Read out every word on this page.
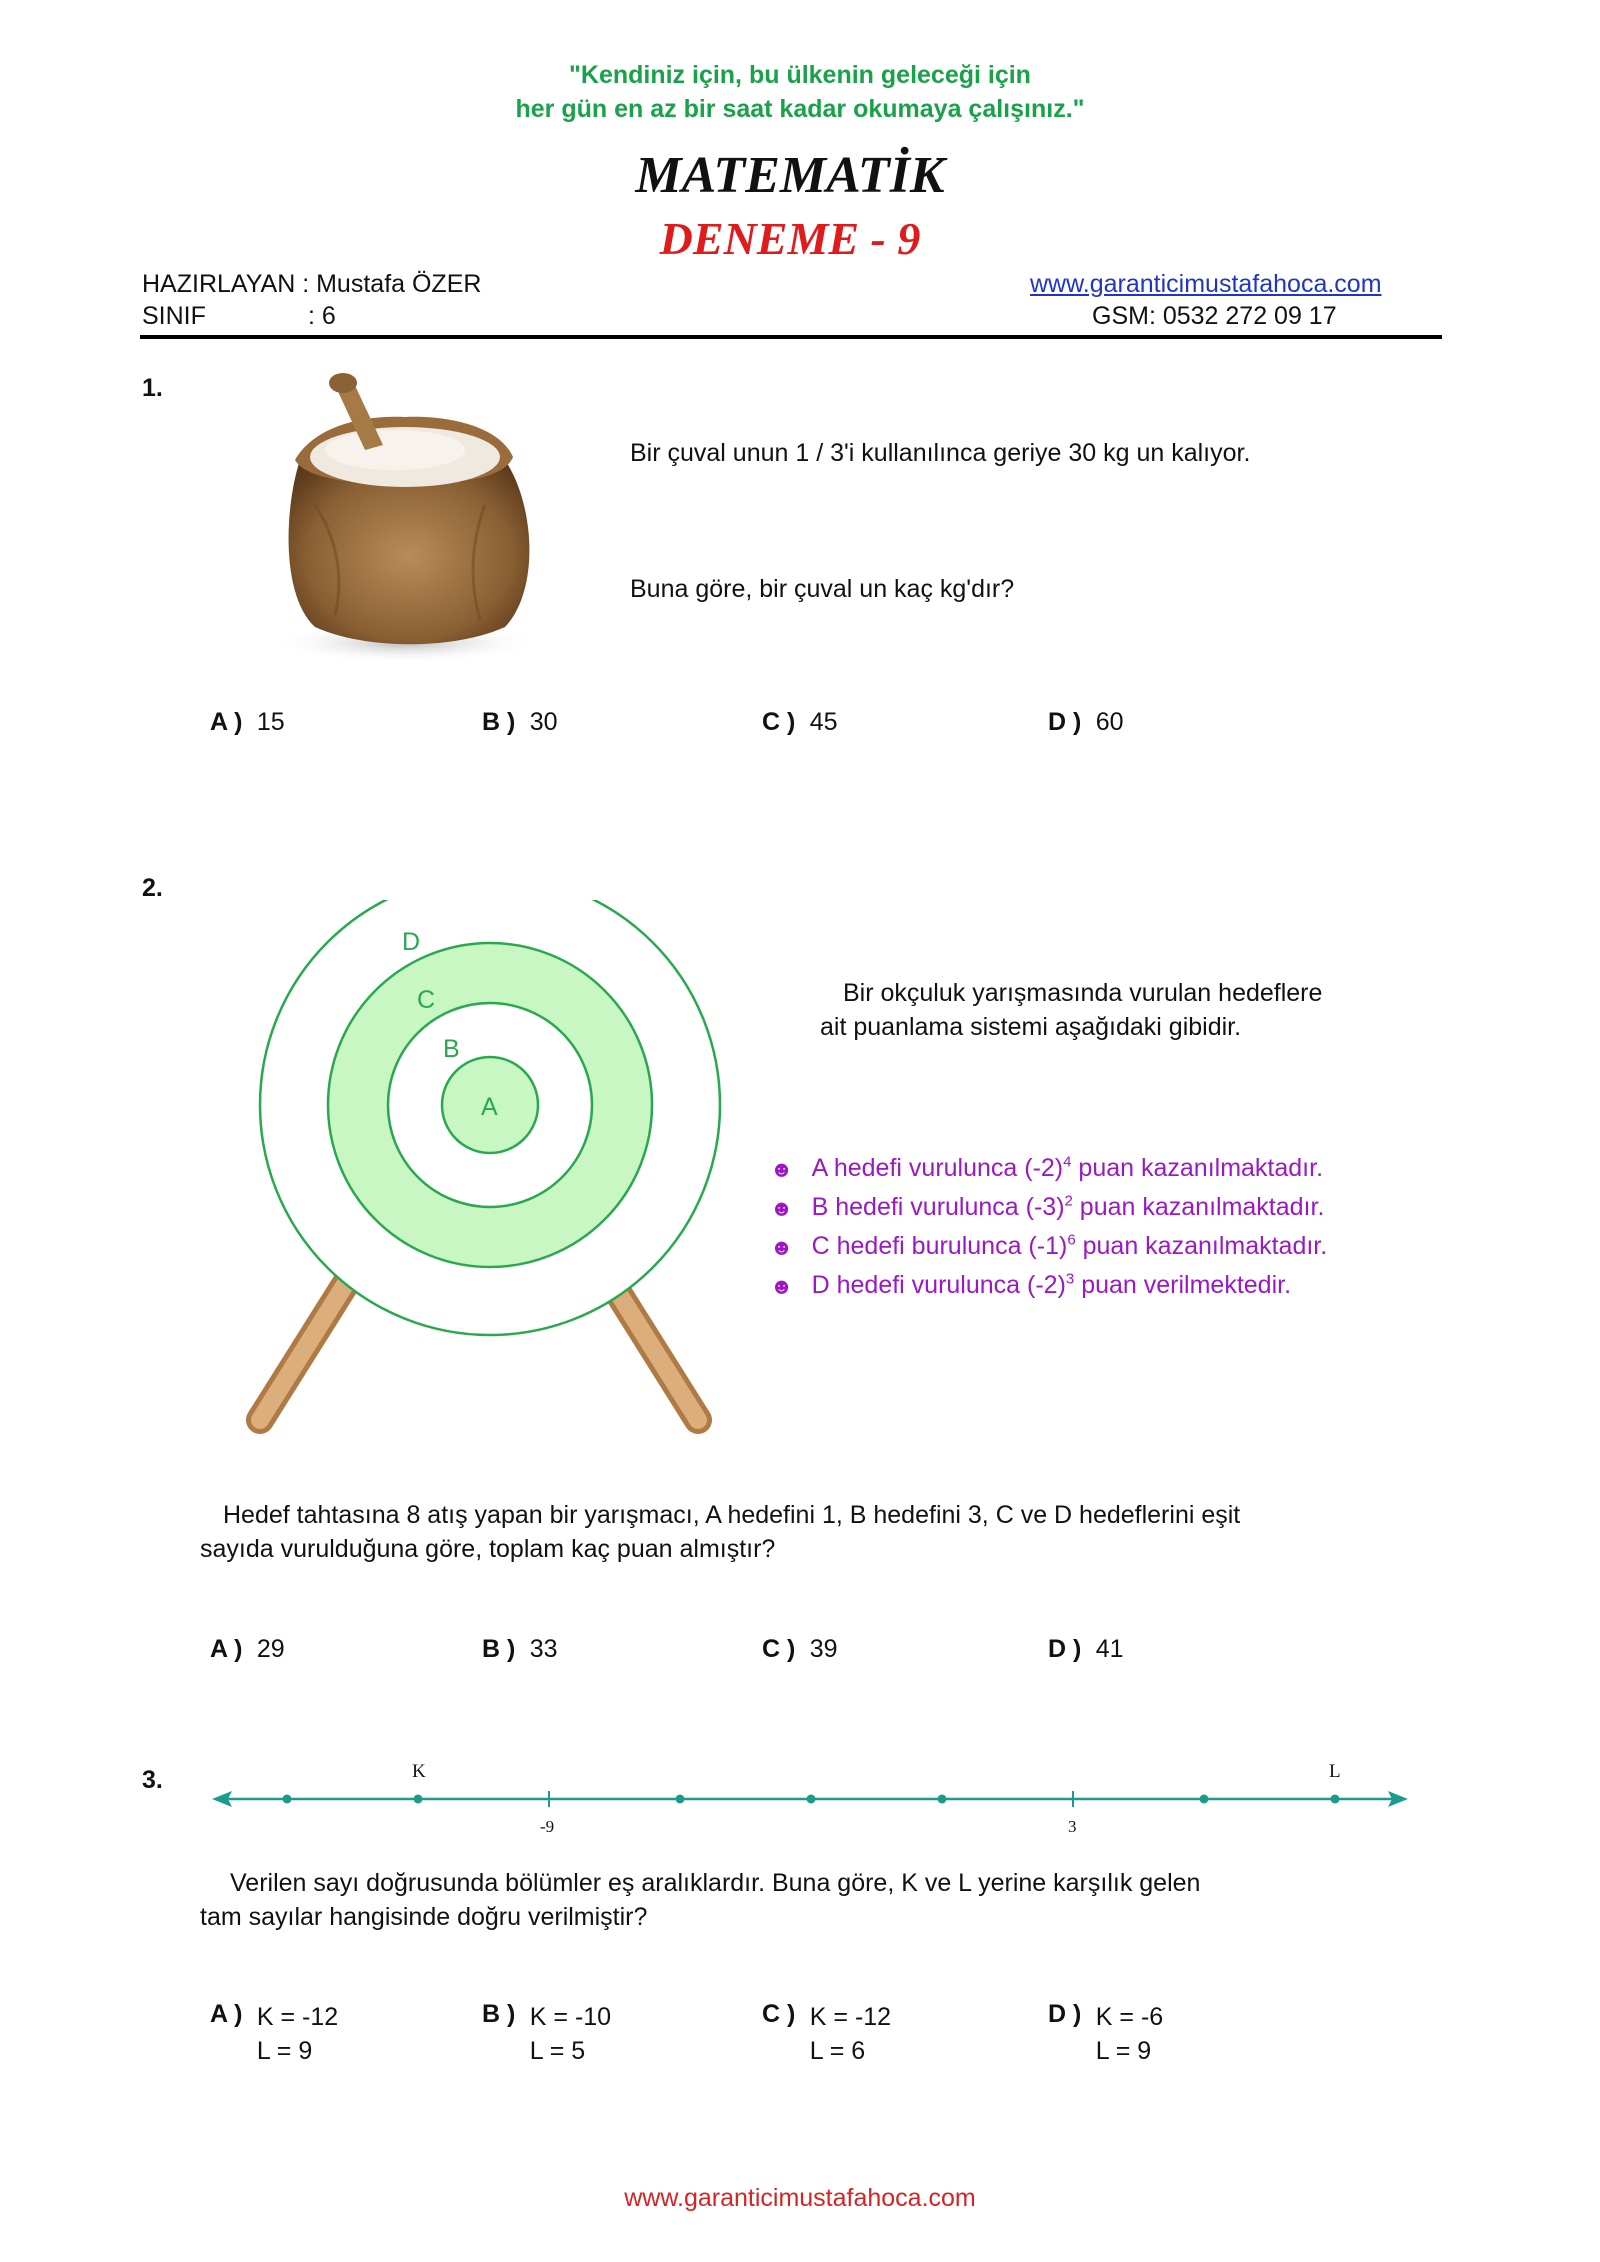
"Kendiniz için, bu ülkenin geleceği için
her gün en az bir saat kadar okumaya çalışınız."
MATEMATİK
DENEME - 9
HAZIRLAYAN : Mustafa ÖZER
SINIF	: 6
www.garanticimustafahoca.com
GSM: 0532 272 09 17
1.
Bir çuval unun 1 / 3'i kullanılınca geriye 30 kg un kalıyor.
Buna göre, bir çuval un kaç kg'dır?
A ) 15	B ) 30	C ) 45	D ) 60
2.
D
C
B
A
Bir okçuluk yarışmasında vurulan hedeflere
ait puanlama sistemi aşağıdaki gibidir.
☻ A hedefi vurulunca $(-2)^4$ puan kazanılmaktadır.
☻ B hedefi vurulunca $(-3)^2$ puan kazanılmaktadır.
☻ C hedefi burulunca $(-1)^6$ puan kazanılmaktadır.
☻ D hedefi vurulunca $(-2)^3$ puan verilmektedir.
Hedef tahtasına 8 atış yapan bir yarışmacı, A hedefini 1, B hedefini 3, C ve D hedeflerini eşit
sayıda vurulduğuna göre, toplam kaç puan almıştır?
A ) 29	B ) 33	C ) 39	D ) 41
3.	K	L
-9	3
Verilen sayı doğrusunda bölümler eş aralıklardır. Buna göre, K ve L yerine karşılık gelen
tam sayılar hangisinde doğru verilmiştir?
A ) K = -12
L = 9
B ) K = -10
L = 5
C ) K = -12
L = 6
D ) K = -6
L = 9
www.garanticimustafahoca.com
